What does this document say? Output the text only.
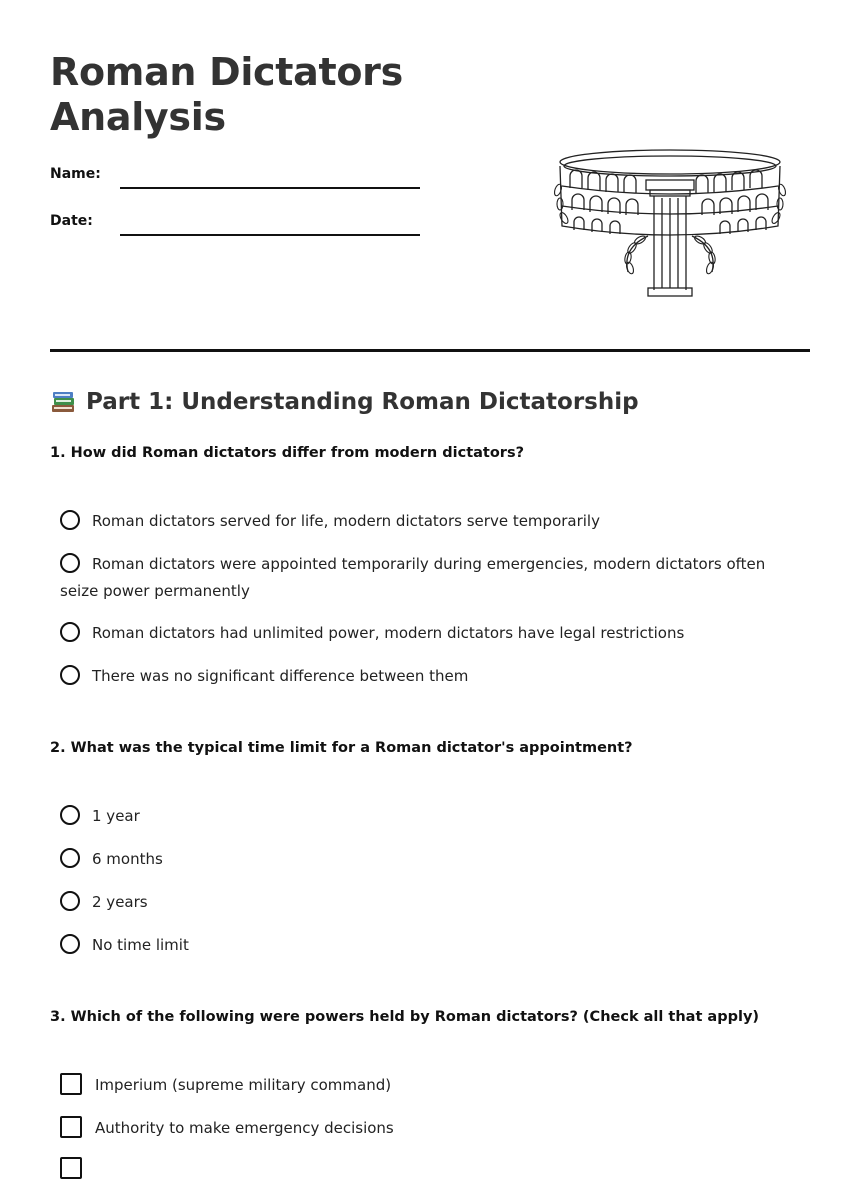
Roman Dictators
Analysis
Name:
Date:
Part 1: Understanding Roman Dictatorship
1. How did Roman dictators differ from modern dictators?
Roman dictators served for life, modern dictators serve temporarily
Roman dictators were appointed temporarily during emergencies, modern dictators often seize power permanently
Roman dictators had unlimited power, modern dictators have legal restrictions
There was no significant difference between them
2. What was the typical time limit for a Roman dictator's appointment?
1 year
6 months
2 years
No time limit
3. Which of the following were powers held by Roman dictators? (Check all that apply)
Imperium (supreme military command)
Authority to make emergency decisions
